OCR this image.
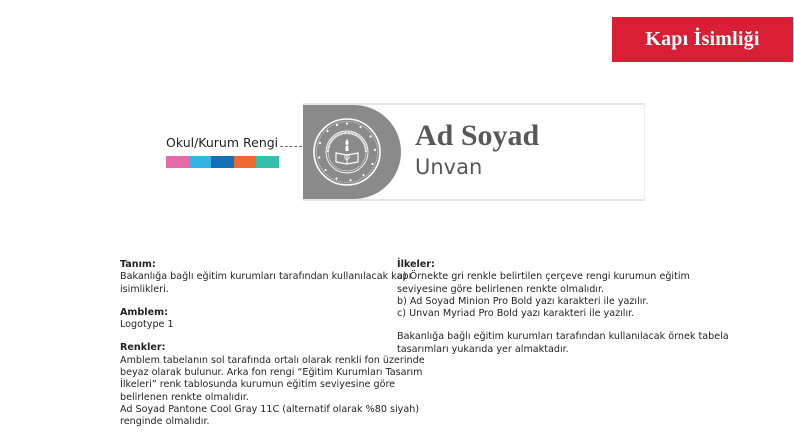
Kapı İsimliği
Okul/Kurum Rengi	Ad Soyad
Unvan
Tanım:
Bakanlığa bağlı eğitim kurumları tarafından kullanılacak kapı
isimlikleri.
Amblem:
Logotype 1
Renkler:
Amblem tabelanın sol tarafında ortalı olarak renkli fon üzerinde
beyaz olarak bulunur. Arka fon rengi “Eğitim Kurumları Tasarım
İlkeleri” renk tablosunda kurumun eğitim seviyesine göre
belirlenen renkte olmalıdır.
Ad Soyad Pantone Cool Gray 11C (alternatif olarak %80 siyah)
renginde olmalıdır.
İlkeler:
a) Örnekte gri renkle belirtilen çerçeve rengi kurumun eğitim
seviyesine göre belirlenen renkte olmalıdır.
b) Ad Soyad Minion Pro Bold yazı karakteri ile yazılır.
c) Unvan Myriad Pro Bold yazı karakteri ile yazılır.
Bakanlığa bağlı eğitim kurumları tarafından kullanılacak örnek tabela
tasarımları yukarıda yer almaktadır.
